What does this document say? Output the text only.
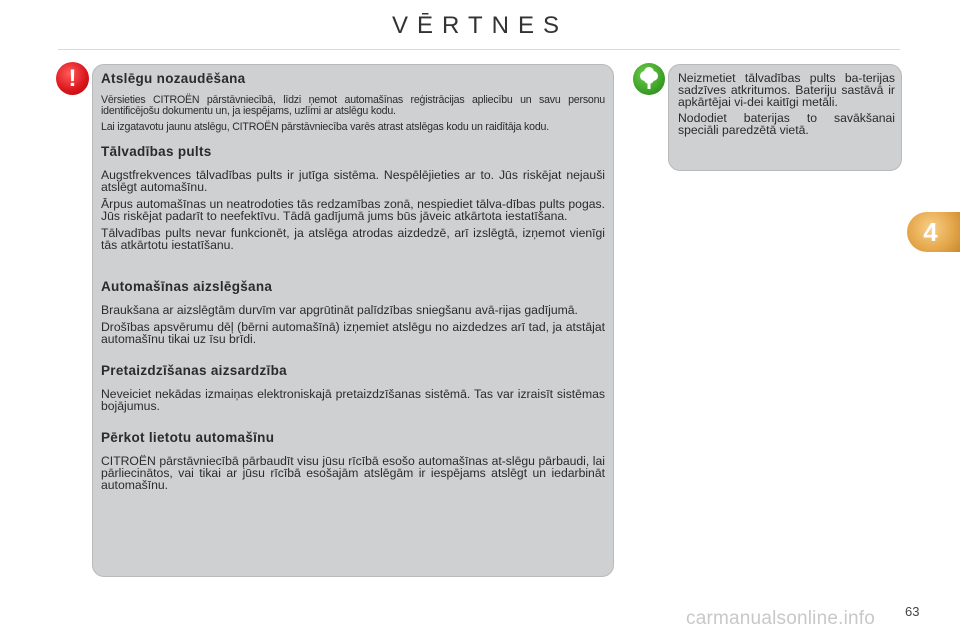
VĒRTNES
!	Atslēgu nozaudēšana

Vērsieties CITROËN pārstāvniecībā, līdzi ņemot automašīnas reģistrācijas apliecību un savu personu identificējošu dokumentu un, ja iespējams, uzlīmi ar atslēgu kodu.

Lai izgatavotu jaunu atslēgu, CITROËN pārstāvniecība varēs atrast atslēgas kodu un raidītāja kodu.

Tālvadības pults

Augstfrekvences tālvadības pults ir jutīga sistēma. Nespēlējieties ar to. Jūs riskējat nejauši atslēgt automašīnu.

Ārpus automašīnas un neatrodoties tās redzamības zonā, nespiediet tālva-dības pults pogas. Jūs riskējat padarīt to neefektīvu. Tādā gadījumā jums būs jāveic atkārtota iestatīšana.

Tālvadības pults nevar funkcionēt, ja atslēga atrodas aizdedzē, arī izslēgtā, izņemot vienīgi tās atkārtotu iestatīšanu.

Automašīnas aizslēgšana

Braukšana ar aizslēgtām durvīm var apgrūtināt palīdzības sniegšanu avā-rijas gadījumā.

Drošības apsvērumu dēļ (bērni automašīnā) izņemiet atslēgu no aizdedzes arī tad, ja atstājat automašīnu tikai uz īsu brīdi.

Pretaizdzīšanas aizsardzība

Neveiciet nekādas izmaiņas elektroniskajā pretaizdzīšanas sistēmā. Tas var izraisīt sistēmas bojājumus.

Pērkot lietotu automašīnu

CITROËN pārstāvniecībā pārbaudīt visu jūsu rīcībā esošo automašīnas at-slēgu pārbaudi, lai pārliecinātos, vai tikai ar jūsu rīcībā esošajām atslēgām ir iespējams atslēgt un iedarbināt automašīnu.

Neizmetiet tālvadības pults ba-terijas sadzīves atkritumos. Bateriju sastāvā ir apkārtējai vi-dei kaitīgi metāli.

Nododiet baterijas to savākšanai speciāli paredzētā vietā.

4
63
carmanualsonline.info
